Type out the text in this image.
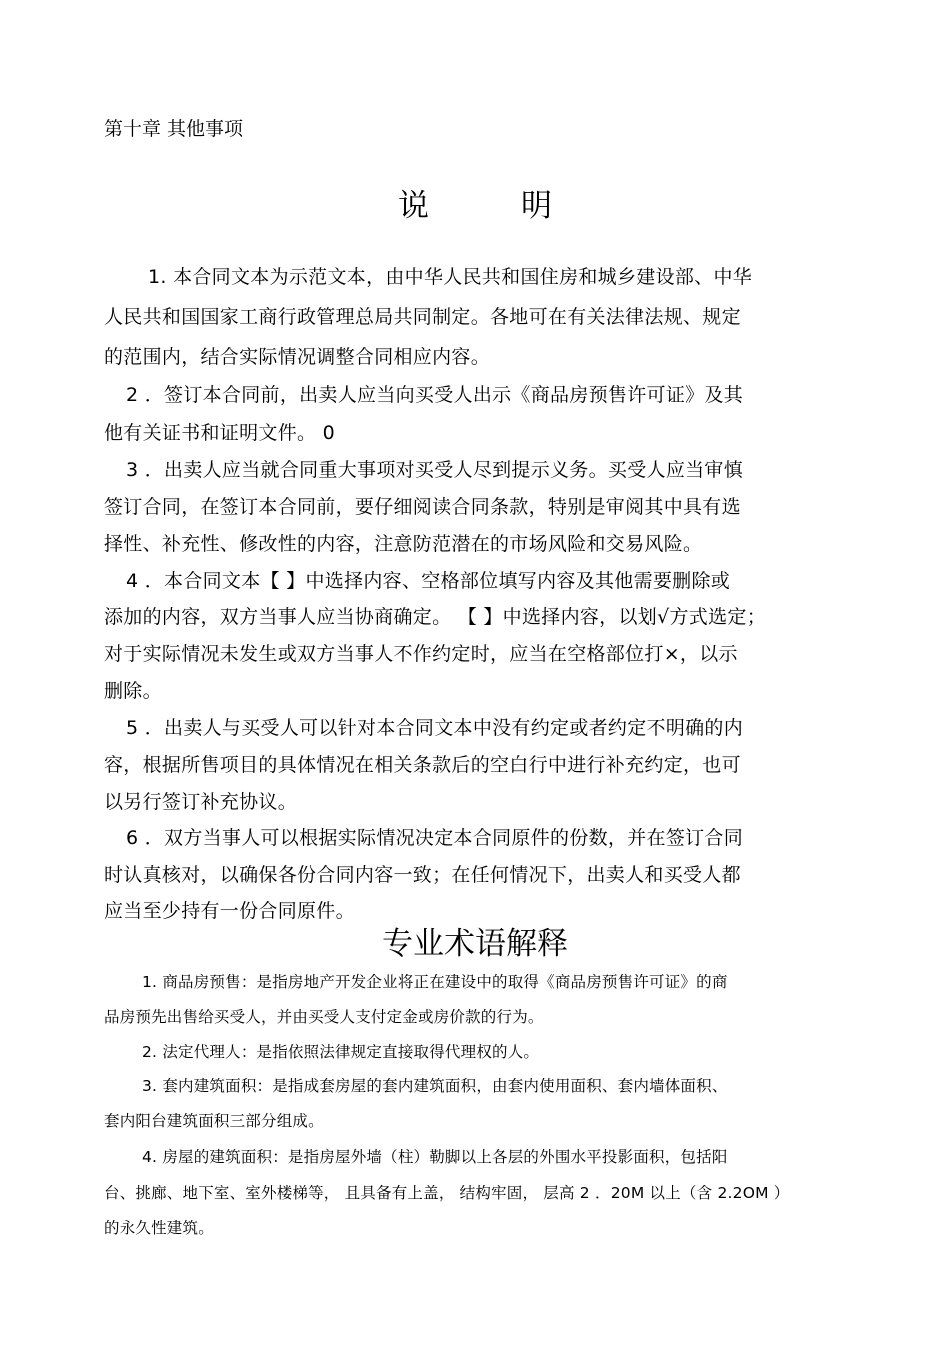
第十章 其他事项
说	明
1. 本合同文本为示范文本，由中华人民共和国住房和城乡建设部、中华
人民共和国国家工商行政管理总局共同制定。各地可在有关法律法规、规定
的范围内，结合实际情况调整合同相应内容。
2 ．签订本合同前，出卖人应当向买受人出示《商品房预售许可证》及其
他有关证书和证明文件。 0
3 ．出卖人应当就合同重大事项对买受人尽到提示义务。买受人应当审慎
签订合同，在签订本合同前，要仔细阅读合同条款，特别是审阅其中具有选
择性、补充性、修改性的内容，注意防范潜在的市场风险和交易风险。
4 ．本合同文本【 】中选择内容、空格部位填写内容及其他需要删除或
添加的内容，双方当事人应当协商确定。 【 】中选择内容，以划√方式选定；
对于实际情况未发生或双方当事人不作约定时，应当在空格部位打×，以示
删除。
5 ．出卖人与买受人可以针对本合同文本中没有约定或者约定不明确的内
容，根据所售项目的具体情况在相关条款后的空白行中进行补充约定，也可
以另行签订补充协议。
6 ．双方当事人可以根据实际情况决定本合同原件的份数，并在签订合同
时认真核对，以确保各份合同内容一致；在任何情况下，出卖人和买受人都
应当至少持有一份合同原件。
专业术语解释
1. 商品房预售：是指房地产开发企业将正在建设中的取得《商品房预售许可证》的商
品房预先出售给买受人，并由买受人支付定金或房价款的行为。
2. 法定代理人：是指依照法律规定直接取得代理权的人。
3. 套内建筑面积：是指成套房屋的套内建筑面积，由套内使用面积、套内墙体面积、
套内阳台建筑面积三部分组成。
4. 房屋的建筑面积：是指房屋外墙（柱）勒脚以上各层的外围水平投影面积，包括阳
台、挑廊、地下室、室外楼梯等， 且具备有上盖， 结构牢固， 层高 2 ．20M 以上（含 2.2OM ）
的永久性建筑。
